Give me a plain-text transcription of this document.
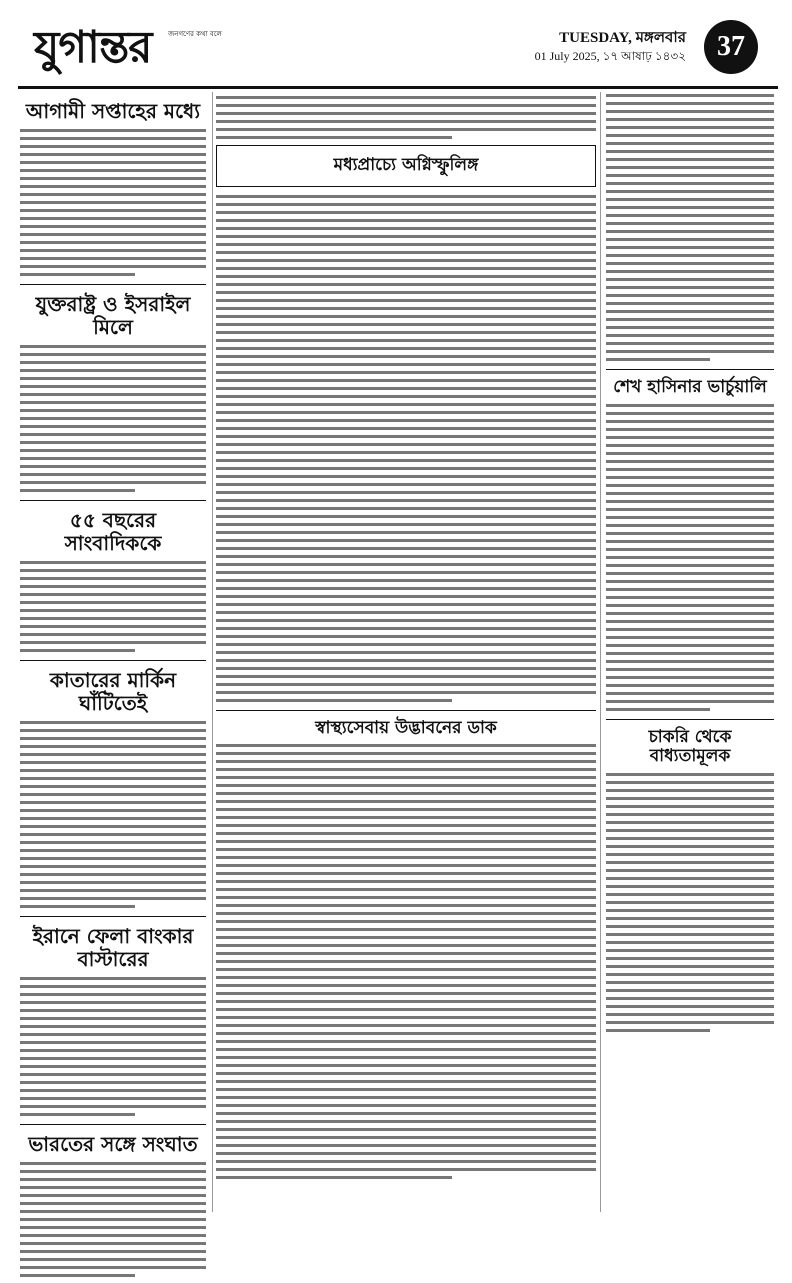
যুগান্তর জনগণের কথা বলে	TUESDAY, মঙ্গলবার
01 July 2025, ১৭ আষাঢ় ১৪৩২	37
আগামী সপ্তাহের মধ্যে
যুক্তরাষ্ট্র ও ইসরাইল মিলে
৫৫ বছরের সাংবাদিককে
কাতারের মার্কিন ঘাঁটিতেই
ইরানে ফেলা বাংকার বাস্টারের
ভারতের সঙ্গে সংঘাত
মধ্যপ্রাচ্যে অগ্নিস্ফুলিঙ্গ
স্বাস্থ্যসেবায় উদ্ভাবনের ডাক
শেখ হাসিনার ভার্চুয়ালি
চাকরি থেকে বাধ্যতামূলক
